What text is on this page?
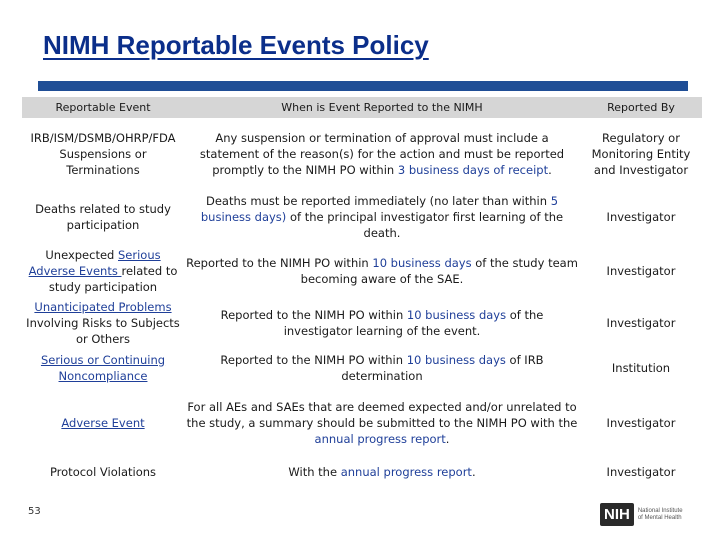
NIMH Reportable Events Policy
Reportable Event	When is Event Reported to the NIMH	Reported By
IRB/ISM/DSMB/OHRP/FDA Suspensions or Terminations	Any suspension or termination of approval must include a statement of the reason(s) for the action and must be reported promptly to the NIMH PO within 3 business days of receipt.	Regulatory or Monitoring Entity and Investigator
Deaths related to study participation	Deaths must be reported immediately (no later than within 5 business days) of the principal investigator first learning of the death.	Investigator
Unexpected Serious Adverse Events related to study participation	Reported to the NIMH PO within 10 business days of the study team becoming aware of the SAE.	Investigator
Unanticipated Problems Involving Risks to Subjects or Others	Reported to the NIMH PO within 10 business days of the investigator learning of the event.	Investigator
Serious or Continuing Noncompliance	Reported to the NIMH PO within 10 business days of IRB determination	Institution
Adverse Event	For all AEs and SAEs that are deemed expected and/or unrelated to the study, a summary should be submitted to the NIMH PO with the annual progress report.	Investigator
Protocol Violations	With the annual progress report.	Investigator
53	NIH	National Institute
of Mental Health
